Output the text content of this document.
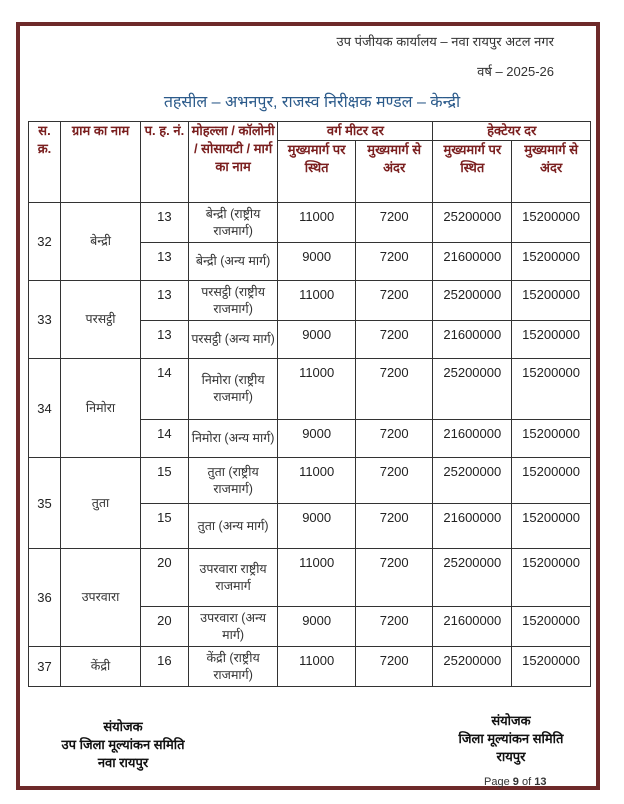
उप पंजीयक कार्यालय – नवा रायपुर अटल नगर
वर्ष – 2025-26
तहसील – अभनपुर, राजस्व निरीक्षक मण्डल – केन्द्री
स. क्र.	ग्राम का नाम	प. ह. नं.	मोहल्ला / कॉलोनी / सोसायटी / मार्ग का नाम	वर्ग मीटर दर		हेक्टेयर दर	
				मुख्यमार्ग पर स्थित	मुख्यमार्ग से अंदर	मुख्यमार्ग पर स्थित	मुख्यमार्ग से अंदर
32	बेन्द्री	13	बेन्द्री (राष्ट्रीय राजमार्ग)	11000	7200	25200000	15200000
		13	बेन्द्री (अन्य मार्ग)	9000	7200	21600000	15200000
33	परसट्ठी	13	परसट्ठी (राष्ट्रीय राजमार्ग)	11000	7200	25200000	15200000
		13	परसट्ठी (अन्य मार्ग)	9000	7200	21600000	15200000
34	निमोरा	14	निमोरा (राष्ट्रीय राजमार्ग)	11000	7200	25200000	15200000
		14	निमोरा (अन्य मार्ग)	9000	7200	21600000	15200000
35	तुता	15	तुता (राष्ट्रीय राजमार्ग)	11000	7200	25200000	15200000
		15	तुता (अन्य मार्ग)	9000	7200	21600000	15200000
36	उपरवारा	20	उपरवारा राष्ट्रीय राजमार्ग	11000	7200	25200000	15200000
		20	उपरवारा (अन्य मार्ग)	9000	7200	21600000	15200000
37	केंद्री	16	केंद्री (राष्ट्रीय राजमार्ग)	11000	7200	25200000	15200000
संयोजक
उप जिला मूल्यांकन समिति
नवा रायपुर
संयोजक
जिला मूल्यांकन समिति
रायपुर
Page 9 of 13
